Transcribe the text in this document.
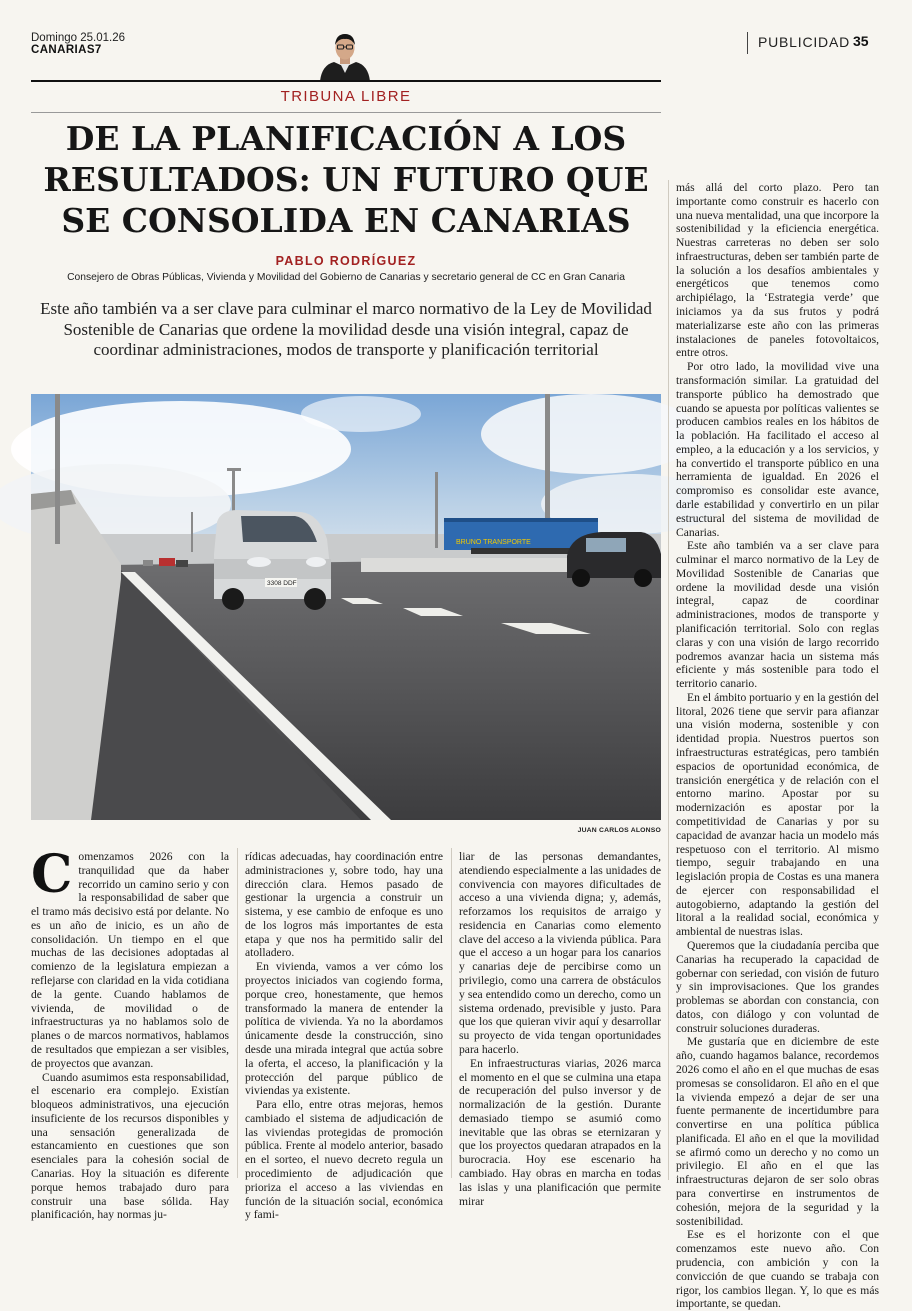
Domingo 25.01.26
CANARIAS7	PUBLICIDAD 35
TRIBUNA LIBRE
DE LA PLANIFICACIÓN A LOS
RESULTADOS: UN FUTURO QUE
SE CONSOLIDA EN CANARIAS
PABLO RODRÍGUEZ
Consejero de Obras Públicas, Vivienda y Movilidad del Gobierno de Canarias y secretario general de CC en Gran Canaria
Este año también va a ser clave para culminar el marco normativo de la Ley de Movilidad Sostenible de Canarias que ordene la movilidad desde una visión integral, capaz de coordinar administraciones, modos de transporte y planificación territorial
BRUNO TRANSPORTE
3308 DDF
JUAN CARLOS ALONSO

Comenzamos 2026 con la tranquilidad que da haber recorrido un camino serio y con la responsabilidad de saber que el tramo más decisivo está por delante. No es un año de inicio, es un año de consolidación. Un tiempo en el que muchas de las decisiones adoptadas al comienzo de la legislatura empiezan a reflejarse con claridad en la vida cotidiana de la gente. Cuando hablamos de vivienda, de movilidad o de infraestructuras ya no hablamos solo de planes o de marcos normativos, hablamos de resultados que empiezan a ser visibles, de proyectos que avanzan.

Cuando asumimos esta responsabilidad, el escenario era complejo. Existían bloqueos administrativos, una ejecución insuficiente de los recursos disponibles y una sensación generalizada de estancamiento en cuestiones que son esenciales para la cohesión social de Canarias. Hoy la situación es diferente porque hemos trabajado duro para construir una base sólida. Hay planificación, hay normas ju-

rídicas adecuadas, hay coordinación entre administraciones y, sobre todo, hay una dirección clara. Hemos pasado de gestionar la urgencia a construir un sistema, y ese cambio de enfoque es uno de los logros más importantes de esta etapa y que nos ha permitido salir del atolladero.

En vivienda, vamos a ver cómo los proyectos iniciados van cogiendo forma, porque creo, honestamente, que hemos transformado la manera de entender la política de vivienda. Ya no la abordamos únicamente desde la construcción, sino desde una mirada integral que actúa sobre la oferta, el acceso, la planificación y la protección del parque público de viviendas ya existente.

Para ello, entre otras mejoras, hemos cambiado el sistema de adjudicación de las viviendas protegidas de promoción pública. Frente al modelo anterior, basado en el sorteo, el nuevo decreto regula un procedimiento de adjudicación que prioriza el acceso a las viviendas en función de la situación social, económica y fami-

liar de las personas demandantes, atendiendo especialmente a las unidades de convivencia con mayores dificultades de acceso a una vivienda digna; y, además, reforzamos los requisitos de arraigo y residencia en Canarias como elemento clave del acceso a la vivienda pública. Para que el acceso a un hogar para los canarios y canarias deje de percibirse como un privilegio, como una carrera de obstáculos y sea entendido como un derecho, como un sistema ordenado, previsible y justo. Para que los que quieran vivir aquí y desarrollar su proyecto de vida tengan oportunidades para hacerlo.

En infraestructuras viarias, 2026 marca el momento en el que se culmina una etapa de recuperación del pulso inversor y de normalización de la gestión. Durante demasiado tiempo se asumió como inevitable que las obras se eternizaran y que los proyectos quedaran atrapados en la burocracia. Hoy ese escenario ha cambiado. Hay obras en marcha en todas las islas y una planificación que permite mirar

más allá del corto plazo. Pero tan importante como construir es hacerlo con una nueva mentalidad, una que incorpore la sostenibilidad y la eficiencia energética. Nuestras carreteras no deben ser solo infraestructuras, deben ser también parte de la solución a los desafíos ambientales y energéticos que tenemos como archipiélago, la ‘Estrategia verde’ que iniciamos ya da sus frutos y podrá materializarse este año con las primeras instalaciones de paneles fotovoltaicos, entre otros.

Por otro lado, la movilidad vive una transformación similar. La gratuidad del transporte público ha demostrado que cuando se apuesta por políticas valientes se producen cambios reales en los hábitos de la población. Ha facilitado el acceso al empleo, a la educación y a los servicios, y ha convertido el transporte público en una herramienta de igualdad. En 2026 el compromiso es consolidar este avance, darle estabilidad y convertirlo en un pilar estructural del sistema de movilidad de Canarias.

Este año también va a ser clave para culminar el marco normativo de la Ley de Movilidad Sostenible de Canarias que ordene la movilidad desde una visión integral, capaz de coordinar administraciones, modos de transporte y planificación territorial. Solo con reglas claras y con una visión de largo recorrido podremos avanzar hacia un sistema más eficiente y más sostenible para todo el territorio canario.

En el ámbito portuario y en la gestión del litoral, 2026 tiene que servir para afianzar una visión moderna, sostenible y con identidad propia. Nuestros puertos son infraestructuras estratégicas, pero también espacios de oportunidad económica, de transición energética y de relación con el entorno marino. Apostar por su modernización es apostar por la competitividad de Canarias y por su capacidad de avanzar hacia un modelo más respetuoso con el territorio. Al mismo tiempo, seguir trabajando en una legislación propia de Costas es una manera de ejercer con responsabilidad el autogobierno, adaptando la gestión del litoral a la realidad social, económica y ambiental de nuestras islas.

Queremos que la ciudadanía perciba que Canarias ha recuperado la capacidad de gobernar con seriedad, con visión de futuro y sin improvisaciones. Que los grandes problemas se abordan con constancia, con datos, con diálogo y con voluntad de construir soluciones duraderas.

Me gustaría que en diciembre de este año, cuando hagamos balance, recordemos 2026 como el año en el que muchas de esas promesas se consolidaron. El año en el que la vivienda empezó a dejar de ser una fuente permanente de incertidumbre para convertirse en una política pública planificada. El año en el que la movilidad se afirmó como un derecho y no como un privilegio. El año en el que las infraestructuras dejaron de ser solo obras para convertirse en instrumentos de cohesión, mejora de la seguridad y la sostenibilidad.

Ese es el horizonte con el que comenzamos este nuevo año. Con prudencia, con ambición y con la convicción de que cuando se trabaja con rigor, los cambios llegan. Y, lo que es más importante, se quedan.
